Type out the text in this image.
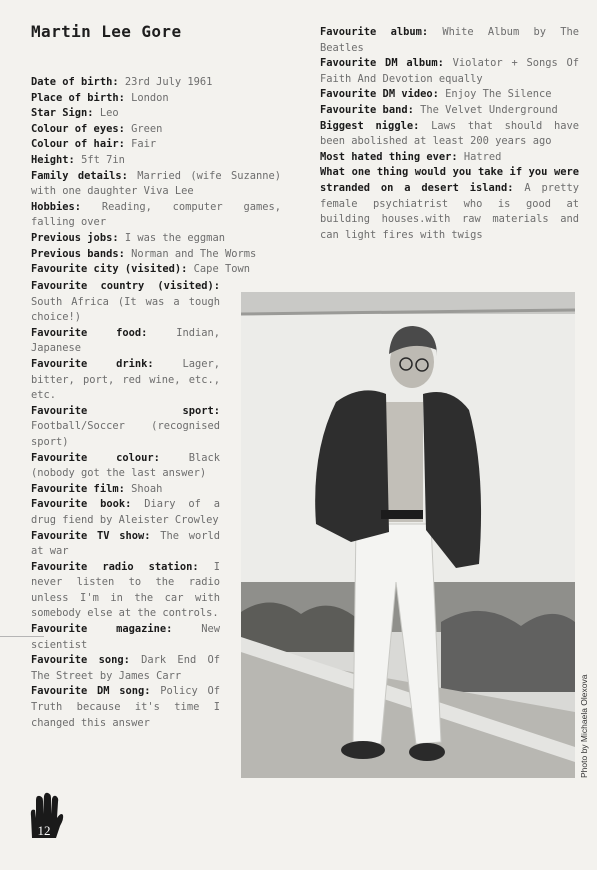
Martin Lee Gore

Date of birth: 23rd July 1961

Place of birth: London

Star Sign: Leo

Colour of eyes: Green

Colour of hair: Fair

Height: 5ft 7in

Family details: Married (wife Suzanne) with one daughter Viva Lee

Hobbies: Reading, computer games, falling over

Previous jobs: I was the eggman

Previous bands: Norman and The Worms

Favourite city (visited): Cape Town

Favourite country (visited): South Africa (It was a tough choice!)

Favourite food:	Indian, Japanese

Favourite drink:	Lager, bitter, port, red wine, etc., etc.

Favourite sport: Football/Soccer (recognised sport)

Favourite colour:	Black (nobody got the last answer)

Favourite film: Shoah

Favourite book: Diary of a drug fiend by Aleister Crowley

Favourite TV show: The world at war

Favourite radio station: I never listen to the radio unless I'm in the car with somebody else at the controls.

Favourite magazine:	New scientist

Favourite song: Dark End Of The Street by James Carr

Favourite DM song: Policy Of Truth because it's time I changed this answer

Favourite album: White Album by The Beatles

Favourite DM album: Violator + Songs Of Faith And Devotion equally

Favourite DM video: Enjoy The Silence

Favourite band: The Velvet Underground

Biggest niggle: Laws that should have been abolished at least 200 years ago

Most hated thing ever: Hatred

What one thing would you take if you were stranded on a desert island: A pretty female psychiatrist who is good at building houses.with raw materials and can light fires with twigs

Photo by Michaela Olexova
12
